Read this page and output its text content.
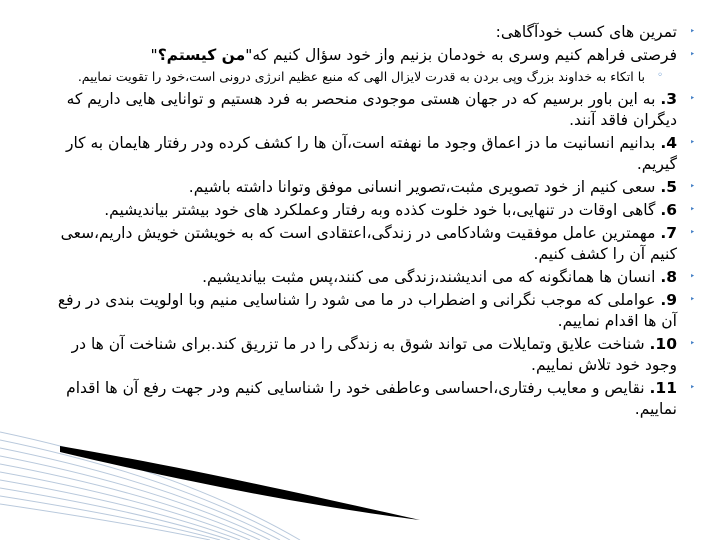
‣
تمرین های کسب خودآگاهی:
‣
فرصتی فراهم کنیم وسری به خودمان بزنیم واز خود سؤال کنیم که"من کیستم؟"
◦
با اتکاء به خداوند بزرگ وپی بردن به قدرت لایزال الهی که منبع عظیم انرژی درونی است،خود را تقویت نماییم.
‣
3. به این باور برسیم که در جهان هستی موجودی منحصر به فرد هستیم و توانایی هایی داریم که دیگران فاقد آنند.
‣
4. بدانیم انسانیت ما دز اعماق وجود ما نهفته است،آن ها را کشف کرده ودر رفتار هایمان به کار گیریم.
‣
5. سعی کنیم از خود تصویری مثبت،تصویر انسانی موفق وتوانا داشته باشیم.
‣
6. گاهی اوقات در تنهایی،با خود خلوت کذده وبه رفتار وعملکرد های خود بیشتر بیاندیشیم.
‣
7. مهمترین عامل موفقیت وشادکامی در زندگی،اعتقادی است که به خویشتن خویش داریم،سعی کنیم آن را کشف کنیم.
‣
8. انسان ها همانگونه که می اندیشند،زندگی می کنند،پس مثبت بیاندیشیم.
‣
9. عواملی که موجب نگرانی و اضطراب در ما می شود را شناسایی منیم وبا اولویت بندی در رفع آن ها اقدام نماییم.
‣
10. شناخت علایق وتمایلات می تواند شوق به زندگی را در ما تزریق کند.برای شناخت آن ها در وجود خود تلاش نماییم.
‣
11. نقایص و معایب رفتاری،احساسی وعاطفی خود را شناسایی کنیم ودر جهت رفع آن ها اقدام نماییم.
